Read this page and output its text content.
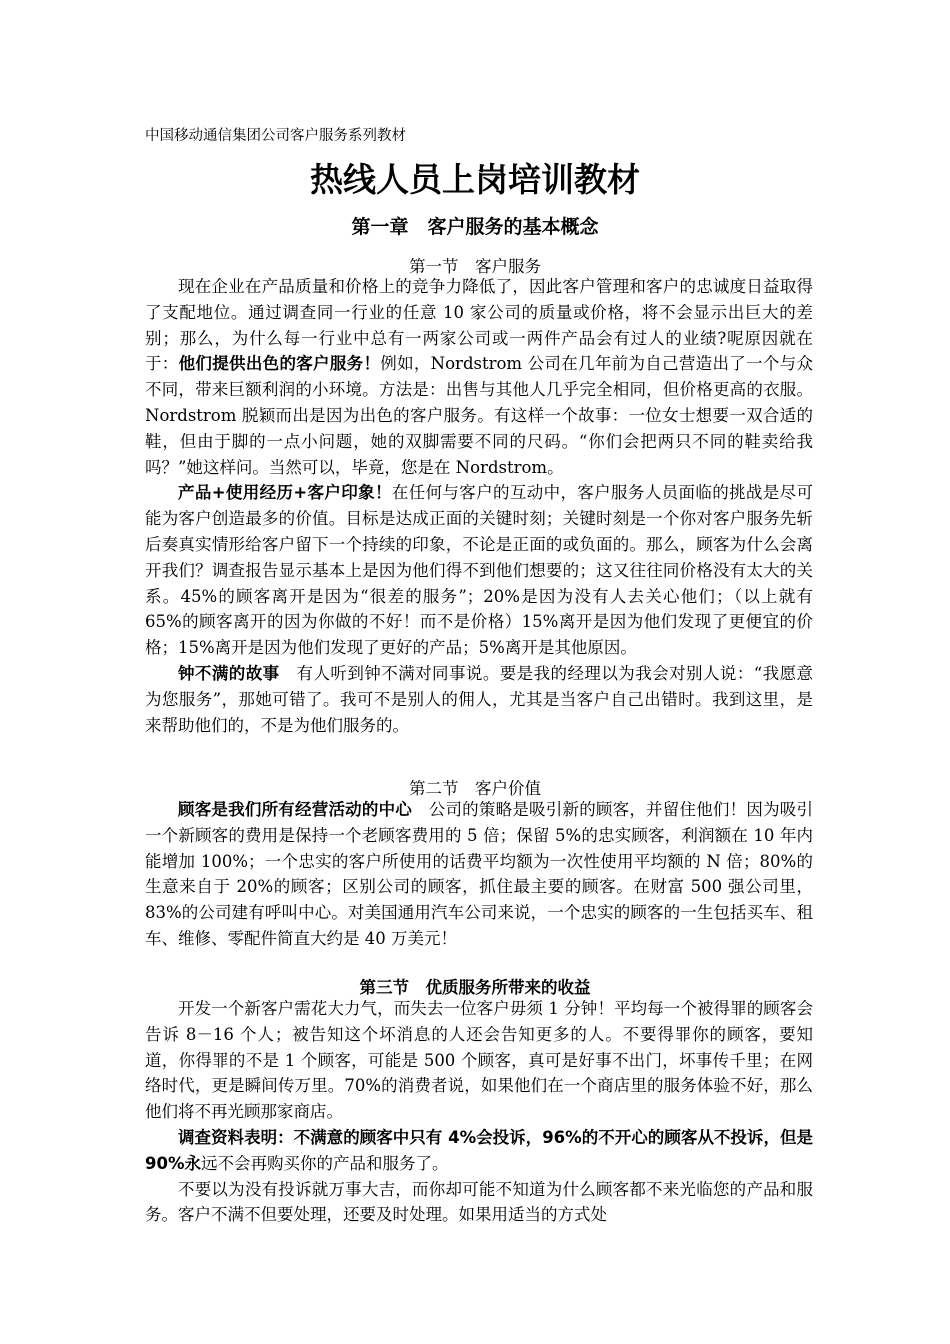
中国移动通信集团公司客户服务系列教材
热线人员上岗培训教材
第一章　客户服务的基本概念
第一节　客户服务

现在企业在产品质量和价格上的竞争力降低了，因此客户管理和客户的忠诚度日益取得了支配地位。通过调查同一行业的任意 10 家公司的质量或价格，将不会显示出巨大的差别；那么，为什么每一行业中总有一两家公司或一两件产品会有过人的业绩?呢原因就在于：他们提供出色的客户服务！例如，Nordstrom 公司在几年前为自己营造出了一个与众不同，带来巨额利润的小环境。方法是：出售与其他人几乎完全相同，但价格更高的衣服。Nordstrom 脱颖而出是因为出色的客户服务。有这样一个故事：一位女士想要一双合适的鞋，但由于脚的一点小问题，她的双脚需要不同的尺码。“你们会把两只不同的鞋卖给我吗？”她这样问。当然可以，毕竟，您是在 Nordstrom。

产品+使用经历+客户印象！在任何与客户的互动中，客户服务人员面临的挑战是尽可能为客户创造最多的价值。目标是达成正面的关键时刻；关键时刻是一个你对客户服务先斩后奏真实情形给客户留下一个持续的印象，不论是正面的或负面的。那么，顾客为什么会离开我们？调查报告显示基本上是因为他们得不到他们想要的；这又往往同价格没有太大的关系。45%的顾客离开是因为“很差的服务”；20%是因为没有人去关心他们；（以上就有 65%的顾客离开的因为你做的不好！而不是价格）15%离开是因为他们发现了更便宜的价格；15%离开是因为他们发现了更好的产品；5%离开是其他原因。

钟不满的故事　有人听到钟不满对同事说。要是我的经理以为我会对别人说：“我愿意为您服务”，那她可错了。我可不是别人的佣人，尤其是当客户自己出错时。我到这里，是来帮助他们的，不是为他们服务的。

第二节　客户价值

顾客是我们所有经营活动的中心　公司的策略是吸引新的顾客，并留住他们！因为吸引一个新顾客的费用是保持一个老顾客费用的 5 倍；保留 5%的忠实顾客，利润额在 10 年内能增加 100%；一个忠实的客户所使用的话费平均额为一次性使用平均额的 N 倍；80%的生意来自于 20%的顾客；区别公司的顾客，抓住最主要的顾客。在财富 500 强公司里，83%的公司建有呼叫中心。对美国通用汽车公司来说，一个忠实的顾客的一生包括买车、租车、维修、零配件简直大约是 40 万美元！

第三节　优质服务所带来的收益

开发一个新客户需花大力气，而失去一位客户毋须 1 分钟！平均每一个被得罪的顾客会告诉 8－16 个人；被告知这个坏消息的人还会告知更多的人。不要得罪你的顾客，要知道，你得罪的不是 1 个顾客，可能是 500 个顾客，真可是好事不出门，坏事传千里；在网络时代，更是瞬间传万里。70%的消费者说，如果他们在一个商店里的服务体验不好，那么他们将不再光顾那家商店。

调查资料表明：不满意的顾客中只有 4%会投诉，96%的不开心的顾客从不投诉，但是 90%永远不会再购买你的产品和服务了。

不要以为没有投诉就万事大吉，而你却可能不知道为什么顾客都不来光临您的产品和服务。客户不满不但要处理，还要及时处理。如果用适当的方式处
